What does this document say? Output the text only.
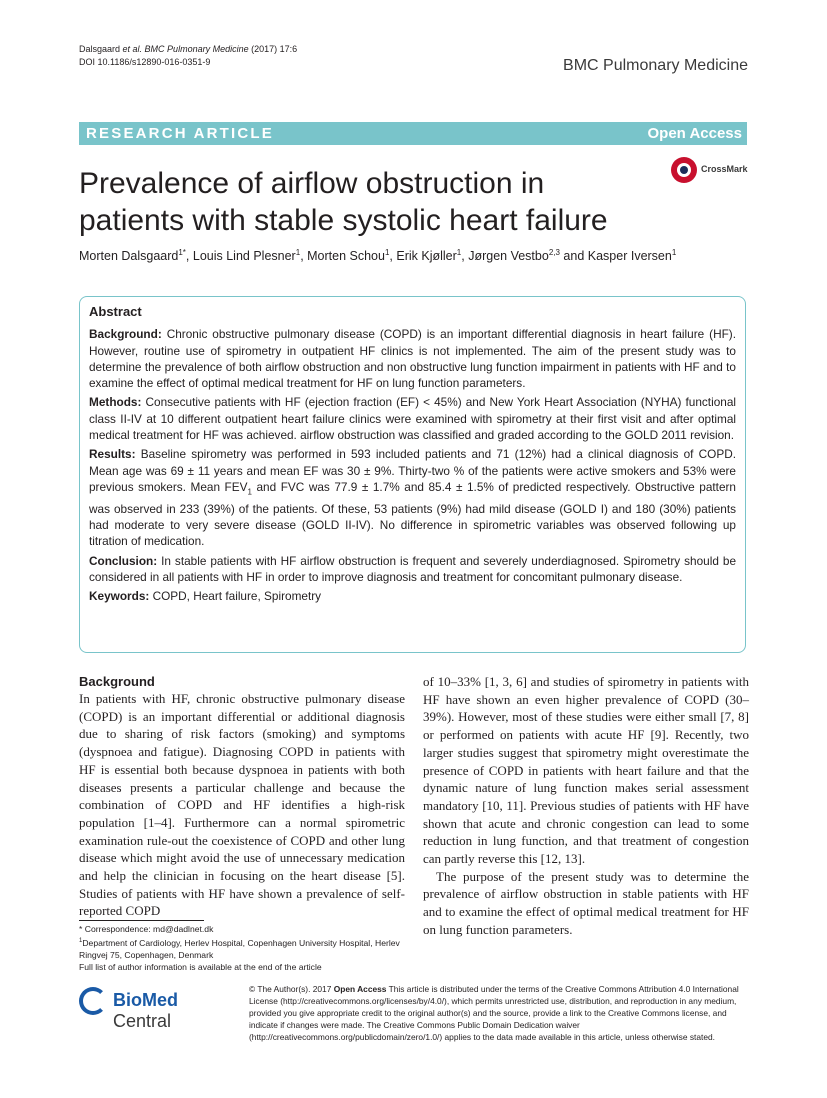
Dalsgaard et al. BMC Pulmonary Medicine (2017) 17:6
DOI 10.1186/s12890-016-0351-9	BMC Pulmonary Medicine
RESEARCH ARTICLE	Open Access
Prevalence of airflow obstruction in patients with stable systolic heart failure
CrossMark
Morten Dalsgaard$^{1*}$, Louis Lind Plesner$^1$, Morten Schou$^1$, Erik Kjøller$^1$, Jørgen Vestbo$^{2,3}$ and Kasper Iversen$^1$
Abstract

Background: Chronic obstructive pulmonary disease (COPD) is an important differential diagnosis in heart failure (HF). However, routine use of spirometry in outpatient HF clinics is not implemented. The aim of the present study was to determine the prevalence of both airflow obstruction and non obstructive lung function impairment in patients with HF and to examine the effect of optimal medical treatment for HF on lung function parameters.

Methods: Consecutive patients with HF (ejection fraction (EF) < 45%) and New York Heart Association (NYHA) functional class II-IV at 10 different outpatient heart failure clinics were examined with spirometry at their first visit and after optimal medical treatment for HF was achieved. airflow obstruction was classified and graded according to the GOLD 2011 revision.

Results: Baseline spirometry was performed in 593 included patients and 71 (12%) had a clinical diagnosis of COPD. Mean age was 69 ± 11 years and mean EF was 30 ± 9%. Thirty-two % of the patients were active smokers and 53% were previous smokers. Mean $FEV_1$ and FVC was 77.9 ± 1.7% and 85.4 ± 1.5% of predicted respectively. Obstructive pattern was observed in 233 (39%) of the patients. Of these, 53 patients (9%) had mild disease (GOLD I) and 180 (30%) patients had moderate to very severe disease (GOLD II-IV). No difference in spirometric variables was observed following up titration of medication.

Conclusion: In stable patients with HF airflow obstruction is frequent and severely underdiagnosed. Spirometry should be considered in all patients with HF in order to improve diagnosis and treatment for concomitant pulmonary disease.

Keywords: COPD, Heart failure, Spirometry

Background

In patients with HF, chronic obstructive pulmonary disease (COPD) is an important differential or additional diagnosis due to sharing of risk factors (smoking) and symptoms (dyspnoea and fatigue). Diagnosing COPD in patients with HF is essential both because dyspnoea in patients with both diseases presents a particular challenge and because the combination of COPD and HF identifies a high-risk population [1–4]. Furthermore can a normal spirometric examination rule-out the coexistence of COPD and other lung disease which might avoid the use of unnecessary medication and help the clinician in focusing on the heart disease [5]. Studies of patients with HF have shown a prevalence of self-reported COPD

of 10–33% [1, 3, 6] and studies of spirometry in patients with HF have shown an even higher prevalence of COPD (30–39%). However, most of these studies were either small [7, 8] or performed on patients with acute HF [9]. Recently, two larger studies suggest that spirometry might overestimate the presence of COPD in patients with heart failure and that the dynamic nature of lung function makes serial assessment mandatory [10, 11]. Previous studies of patients with HF have shown that acute and chronic congestion can lead to some reduction in lung function, and that treatment of congestion can partly reverse this [12, 13].

The purpose of the present study was to determine the prevalence of airflow obstruction in stable patients with HF and to examine the effect of optimal medical treatment for HF on lung function parameters.

* Correspondence: md@dadlnet.dk
$^1$Department of Cardiology, Herlev Hospital, Copenhagen University Hospital, Herlev Ringvej 75, Copenhagen, Denmark
Full list of author information is available at the end of the article
BioMed Central
© The Author(s). 2017 Open Access This article is distributed under the terms of the Creative Commons Attribution 4.0 International License (http://creativecommons.org/licenses/by/4.0/), which permits unrestricted use, distribution, and reproduction in any medium, provided you give appropriate credit to the original author(s) and the source, provide a link to the Creative Commons license, and indicate if changes were made. The Creative Commons Public Domain Dedication waiver (http://creativecommons.org/publicdomain/zero/1.0/) applies to the data made available in this article, unless otherwise stated.
